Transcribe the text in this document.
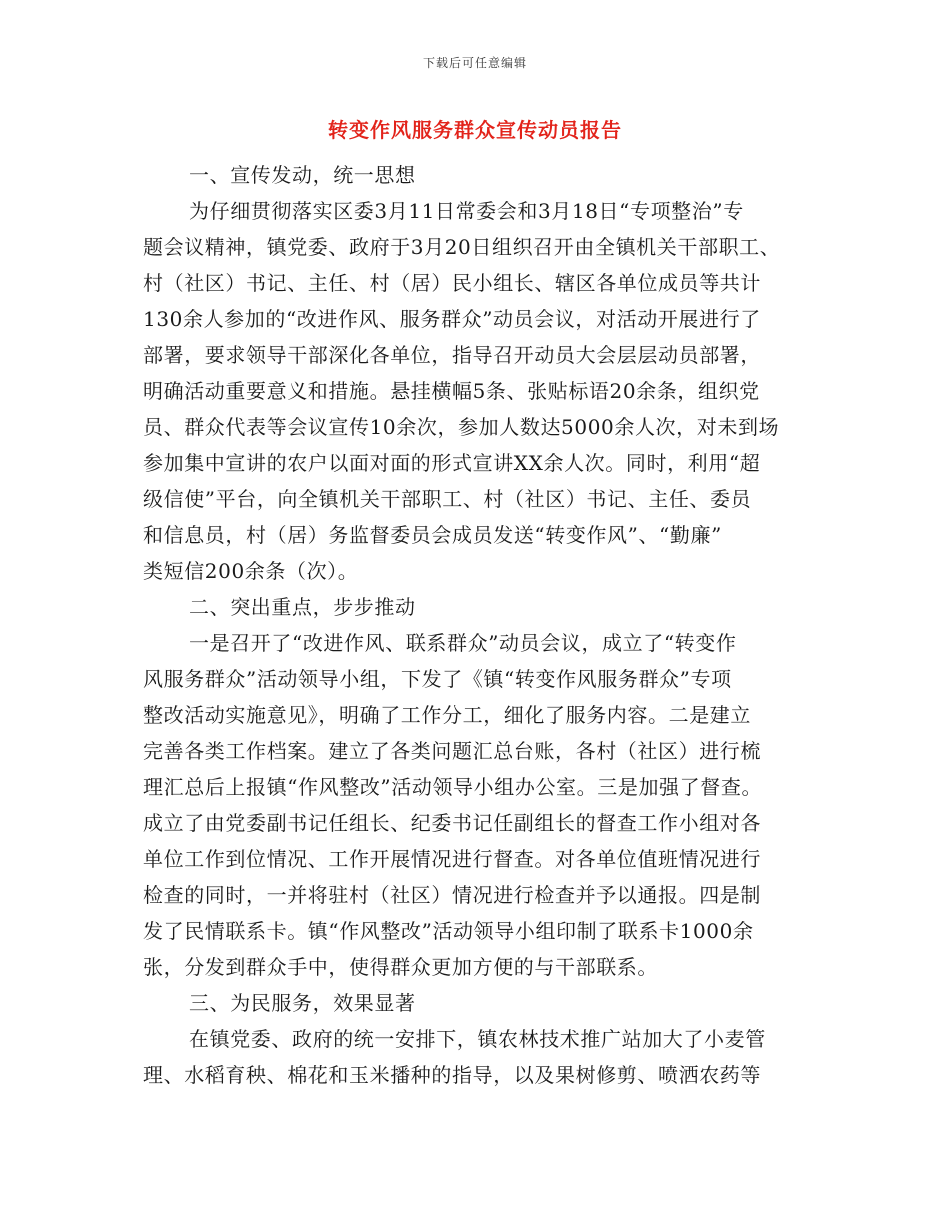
下载后可任意编辑
转变作风服务群众宣传动员报告
一、宣传发动，统一思想
为仔细贯彻落实区委3月11日常委会和3月18日“专项整治”专
题会议精神，镇党委、政府于3月20日组织召开由全镇机关干部职工、
村（社区）书记、主任、村（居）民小组长、辖区各单位成员等共计
130余人参加的“改进作风、服务群众”动员会议，对活动开展进行了
部署，要求领导干部深化各单位，指导召开动员大会层层动员部署，
明确活动重要意义和措施。悬挂横幅5条、张贴标语20余条，组织党
员、群众代表等会议宣传10余次，参加人数达5000余人次，对未到场
参加集中宣讲的农户以面对面的形式宣讲XX余人次。同时，利用“超
级信使”平台，向全镇机关干部职工、村（社区）书记、主任、委员
和信息员，村（居）务监督委员会成员发送“转变作风”、“勤廉”
类短信200余条（次）。
二、突出重点，步步推动
一是召开了“改进作风、联系群众”动员会议，成立了“转变作
风服务群众”活动领导小组，下发了《镇“转变作风服务群众”专项
整改活动实施意见》，明确了工作分工，细化了服务内容。二是建立
完善各类工作档案。建立了各类问题汇总台账，各村（社区）进行梳
理汇总后上报镇“作风整改”活动领导小组办公室。三是加强了督查。
成立了由党委副书记任组长、纪委书记任副组长的督查工作小组对各
单位工作到位情况、工作开展情况进行督查。对各单位值班情况进行
检查的同时，一并将驻村（社区）情况进行检查并予以通报。四是制
发了民情联系卡。镇“作风整改”活动领导小组印制了联系卡1000余
张，分发到群众手中，使得群众更加方便的与干部联系。
三、为民服务，效果显著
在镇党委、政府的统一安排下，镇农林技术推广站加大了小麦管
理、水稻育秧、棉花和玉米播种的指导，以及果树修剪、喷洒农药等
